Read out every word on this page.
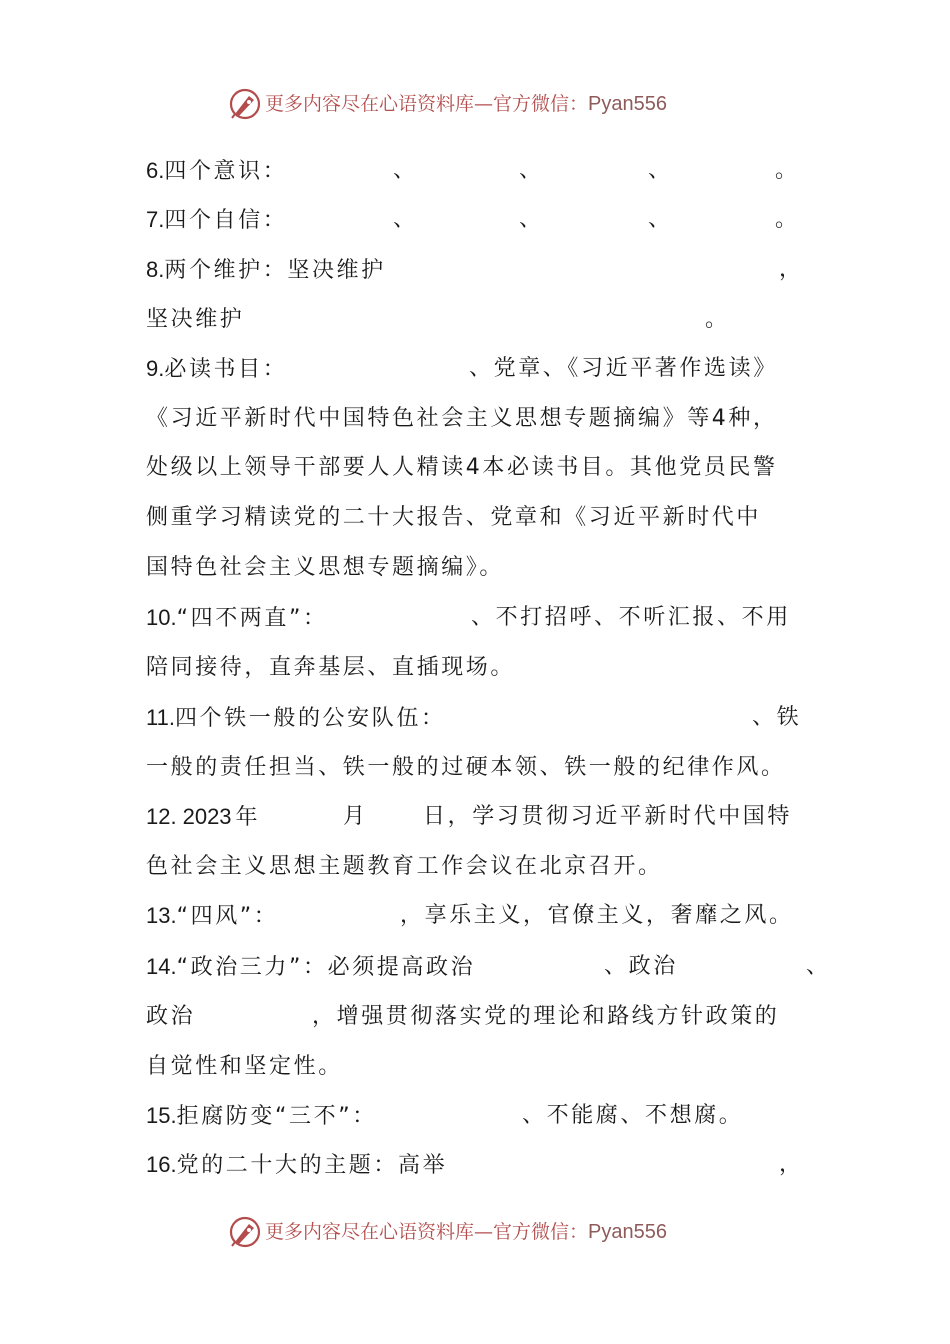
更多内容尽在心语资料库—官方微信：Pyan556
6.四个意识：	、	、	、	。
7.四个自信：	、	、	、	。
8.两个维护：坚决维护	，
坚决维护	。
9.必读书目：	、党章、《习近平著作选读》
《习近平新时代中国特色社会主义思想专题摘编》等4种，
处级以上领导干部要人人精读4本必读书目。其他党员民警
侧重学习精读党的二十大报告、党章和《习近平新时代中
国特色社会主义思想专题摘编》。
10.“四不两直”：	、不打招呼、不听汇报、不用
陪同接待，直奔基层、直插现场。
11.四个铁一般的公安队伍：	、铁
一般的责任担当、铁一般的过硬本领、铁一般的纪律作风。
12. 2023 年	月	日，学习贯彻习近平新时代中国特
色社会主义思想主题教育工作会议在北京召开。
13.“四风”：	，享乐主义，官僚主义，奢靡之风。
14.“政治三力”：必须提高政治	、政治	、
政治	，增强贯彻落实党的理论和路线方针政策的
自觉性和坚定性。
15.拒腐防变“三不”：	、不能腐、不想腐。
16.党的二十大的主题：高举	，
更多内容尽在心语资料库—官方微信：Pyan556
